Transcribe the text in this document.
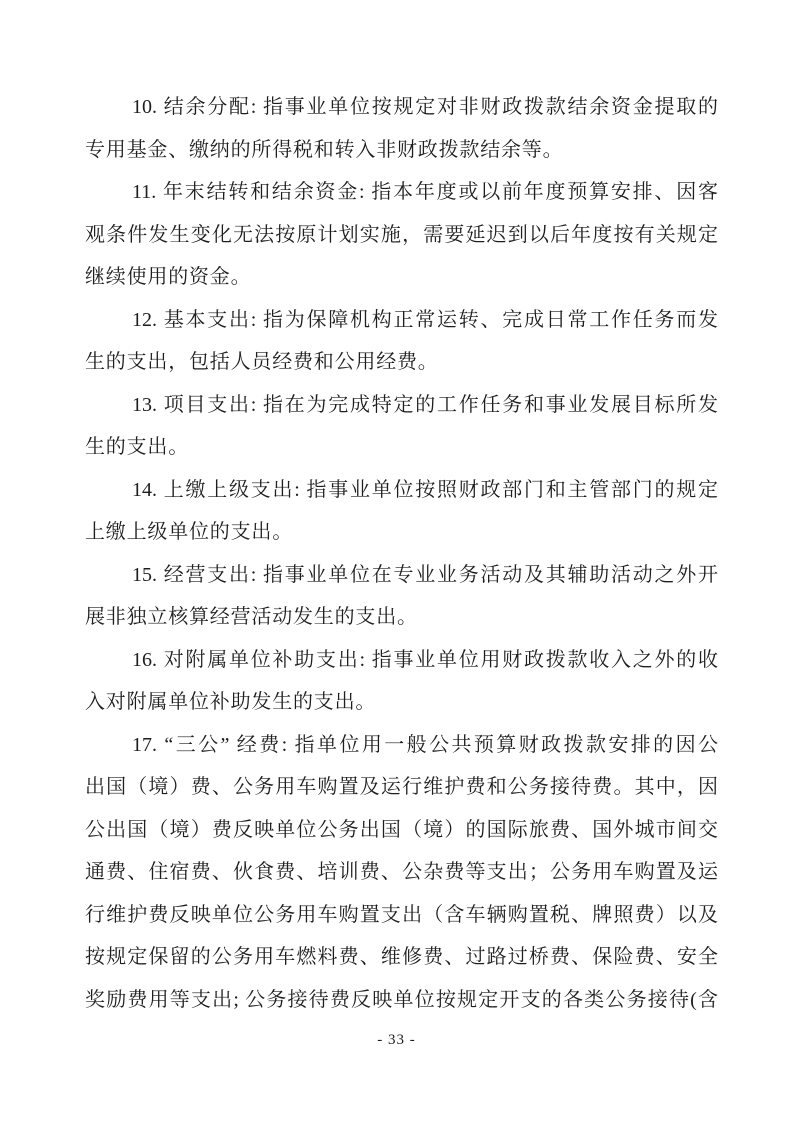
10. 结余分配: 指事业单位按规定对非财政拨款结余资金提取的
专用基金、缴纳的所得税和转入非财政拨款结余等。
11. 年末结转和结余资金: 指本年度或以前年度预算安排、因客
观条件发生变化无法按原计划实施，需要延迟到以后年度按有关规定
继续使用的资金。
12. 基本支出: 指为保障机构正常运转、完成日常工作任务而发
生的支出，包括人员经费和公用经费。
13. 项目支出: 指在为完成特定的工作任务和事业发展目标所发
生的支出。
14. 上缴上级支出: 指事业单位按照财政部门和主管部门的规定
上缴上级单位的支出。
15. 经营支出: 指事业单位在专业业务活动及其辅助活动之外开
展非独立核算经营活动发生的支出。
16. 对附属单位补助支出: 指事业单位用财政拨款收入之外的收
入对附属单位补助发生的支出。
17. “三公” 经费: 指单位用一般公共预算财政拨款安排的因公
出国（境）费、公务用车购置及运行维护费和公务接待费。其中，因
公出国（境）费反映单位公务出国（境）的国际旅费、国外城市间交
通费、住宿费、伙食费、培训费、公杂费等支出；公务用车购置及运
行维护费反映单位公务用车购置支出（含车辆购置税、牌照费）以及
按规定保留的公务用车燃料费、维修费、过路过桥费、保险费、安全
奖励费用等支出; 公务接待费反映单位按规定开支的各类公务接待(含
- 33 -
